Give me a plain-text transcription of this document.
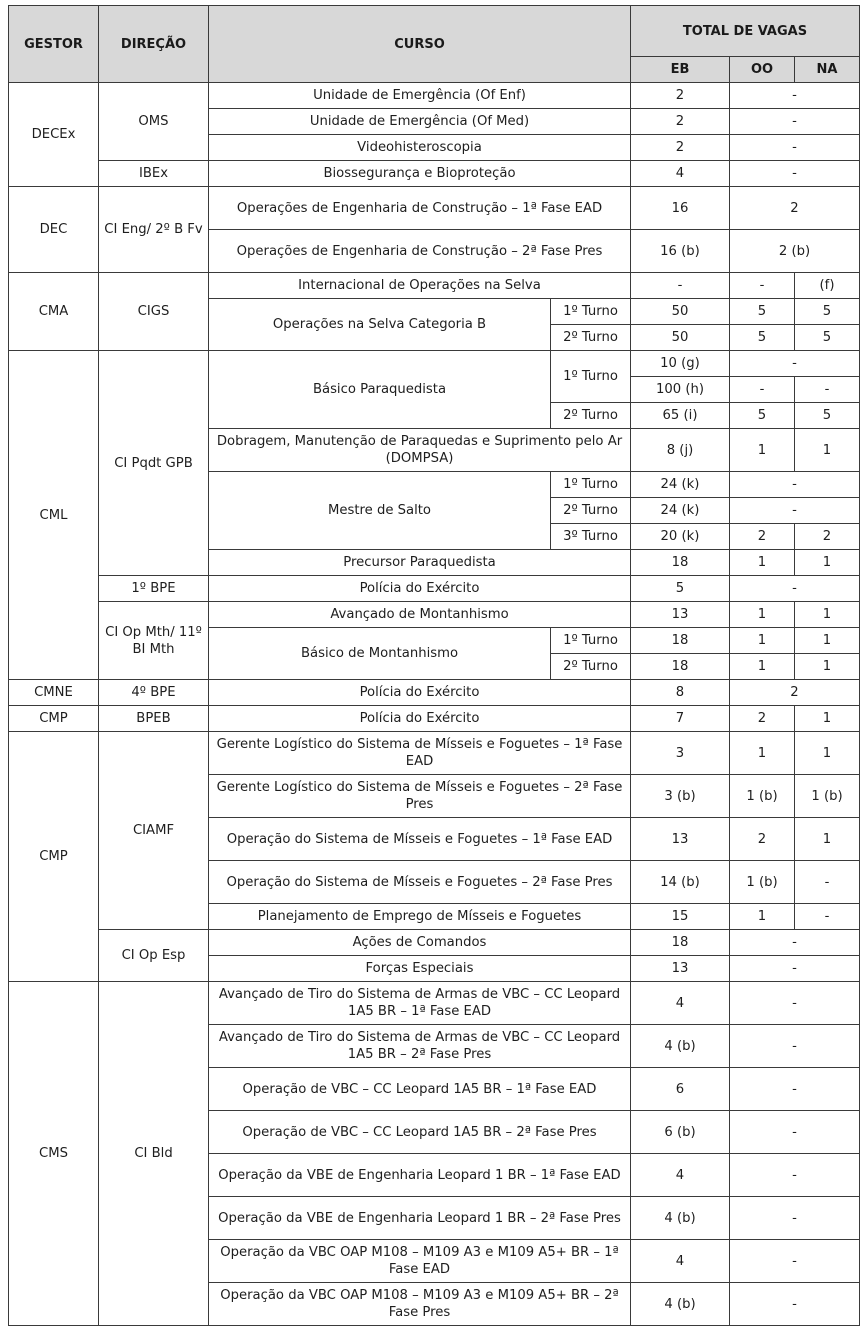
GESTOR	DIREÇÃO	CURSO		TOTAL DE VAGAS		
				EB	OO	NA
DECEx	OMS	Unidade de Emergência (Of Enf)		2	-	
		Unidade de Emergência (Of Med)		2	-	
		Videohisteroscopia		2	-	
	IBEx	Biossegurança e Bioproteção		4	-	
DEC	CI Eng/ 2º B Fv	Operações de Engenharia de Construção – 1ª Fase EAD		16	2	
		Operações de Engenharia de Construção – 2ª Fase Pres		16 (b)	2 (b)	
CMA	CIGS	Internacional de Operações na Selva		-	-	(f)
		Operações na Selva Categoria B	1º Turno	50	5	5
			2º Turno	50	5	5
CML	CI Pqdt GPB	Básico Paraquedista	1º Turno	10 (g)	-	
				100 (h)	-	-
			2º Turno	65 (i)	5	5
		Dobragem, Manutenção de Paraquedas e Suprimento pelo Ar (DOMPSA)		8 (j)	1	1
		Mestre de Salto	1º Turno	24 (k)	-	
			2º Turno	24 (k)	-	
			3º Turno	20 (k)	2	2
		Precursor Paraquedista		18	1	1
	1º BPE	Polícia do Exército		5	-	
	CI Op Mth/ 11º BI Mth	Avançado de Montanhismo		13	1	1
		Básico de Montanhismo	1º Turno	18	1	1
			2º Turno	18	1	1
CMNE	4º BPE	Polícia do Exército		8	2	
CMP	BPEB	Polícia do Exército		7	2	1
CMP	CIAMF	Gerente Logístico do Sistema de Mísseis e Foguetes – 1ª Fase EAD		3	1	1
		Gerente Logístico do Sistema de Mísseis e Foguetes – 2ª Fase Pres		3 (b)	1 (b)	1 (b)
		Operação do Sistema de Mísseis e Foguetes – 1ª Fase EAD		13	2	1
		Operação do Sistema de Mísseis e Foguetes – 2ª Fase Pres		14 (b)	1 (b)	-
		Planejamento de Emprego de Mísseis e Foguetes		15	1	-
	CI Op Esp	Ações de Comandos		18	-	
		Forças Especiais		13	-	
CMS	CI Bld	Avançado de Tiro do Sistema de Armas de VBC – CC Leopard 1A5 BR – 1ª Fase EAD		4	-	
		Avançado de Tiro do Sistema de Armas de VBC – CC Leopard 1A5 BR – 2ª Fase Pres		4 (b)	-	
		Operação de VBC – CC Leopard 1A5 BR – 1ª Fase EAD		6	-	
		Operação de VBC – CC Leopard 1A5 BR – 2ª Fase Pres		6 (b)	-	
		Operação da VBE de Engenharia Leopard 1 BR – 1ª Fase EAD		4	-	
		Operação da VBE de Engenharia Leopard 1 BR – 2ª Fase Pres		4 (b)	-	
		Operação da VBC OAP M108 – M109 A3 e M109 A5+ BR – 1ª Fase EAD		4	-	
		Operação da VBC OAP M108 – M109 A3 e M109 A5+ BR – 2ª Fase Pres		4 (b)	-	
